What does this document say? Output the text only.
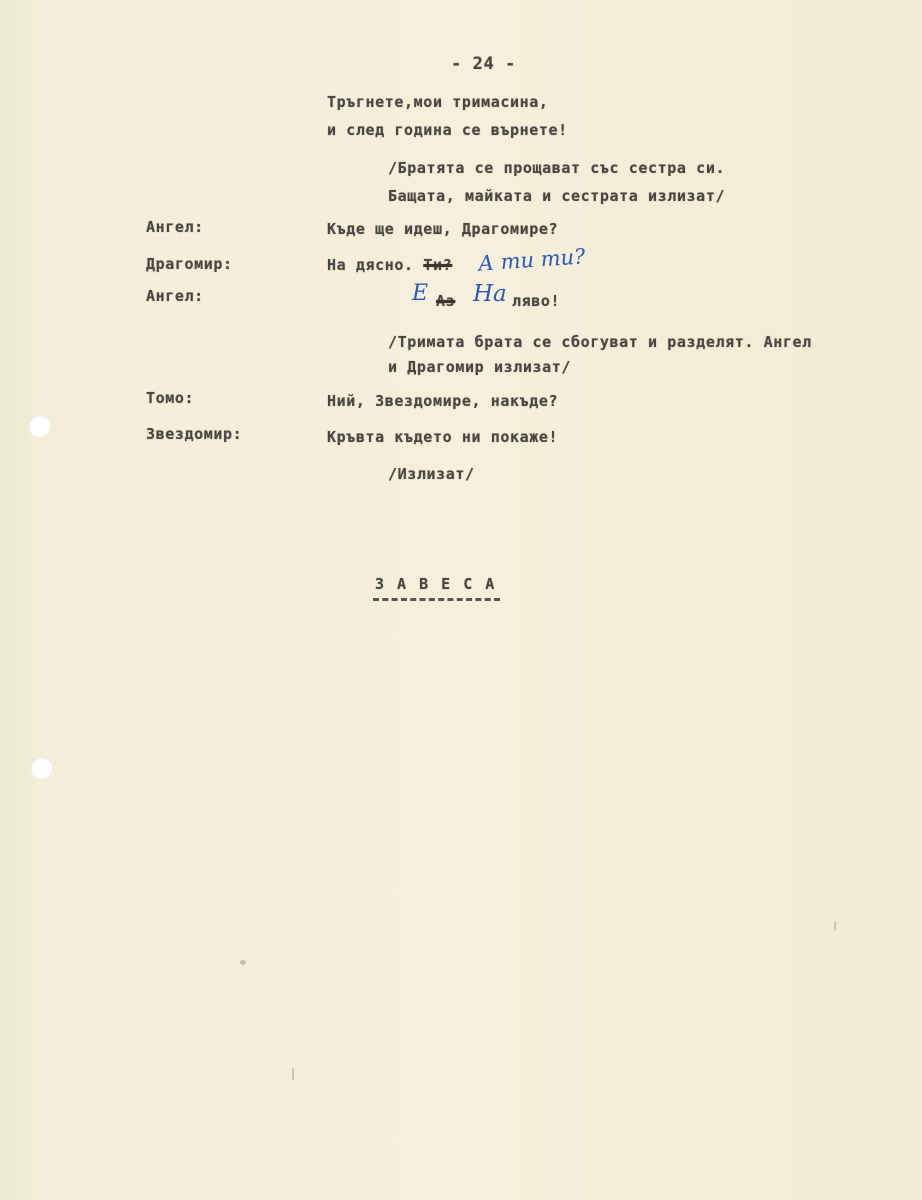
- 24 -
Тръгнете,мои тримасина,
и след година се върнете!
/Братята се прощават със сестра си.
Бащата, майката и сестрата излизат/
Ангел:	Къде ще идеш, Драгомире?
Драгомир:	На дясно. Ти? А ти ти?
Ангел:	Е Аз На ляво!
/Тримата брата се сбогуват и разделят. Ангел
и Драгомир излизат/
Томо:	Ний, Звездомире, накъде?
Звездомир:	Кръвта където ни покаже!
/Излизат/
З А В Е С А
